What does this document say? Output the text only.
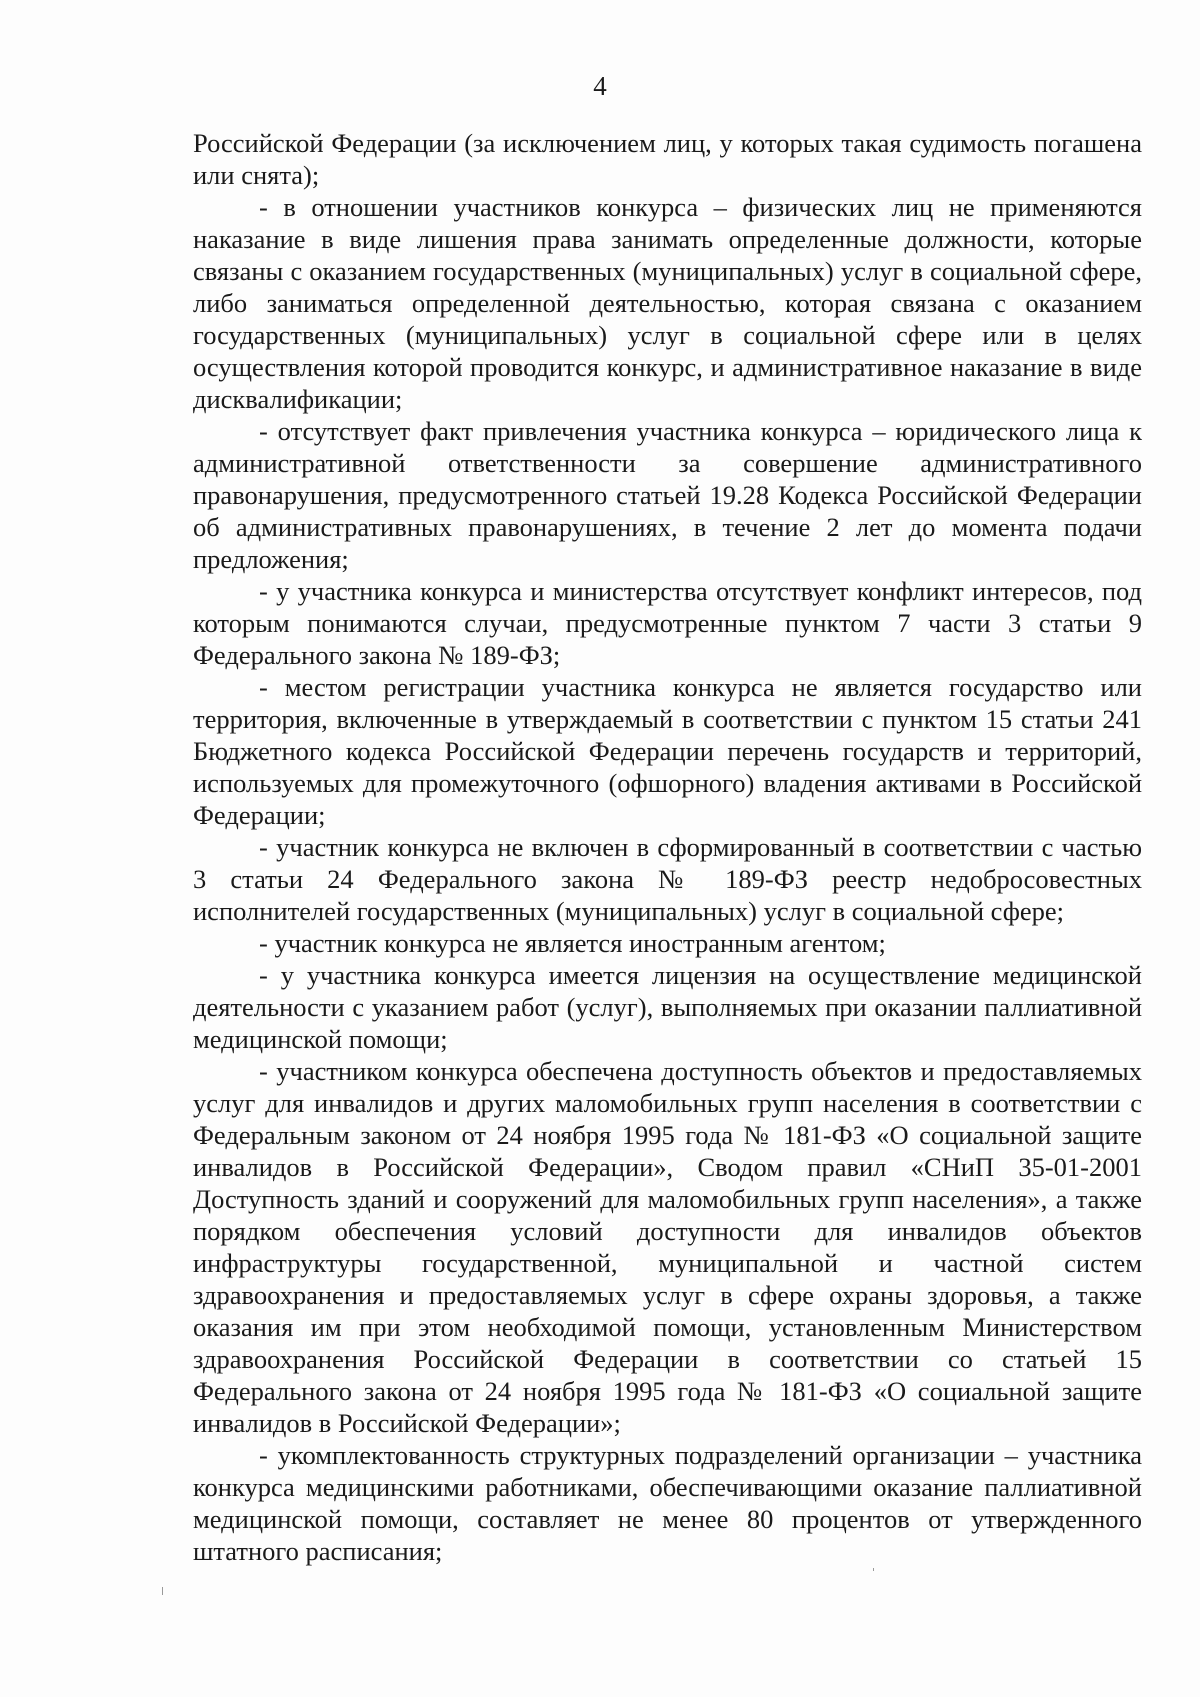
4

Российской Федерации (за исключением лиц, у которых такая судимость погашена или снята);

- в отношении участников конкурса – физических лиц не применяются наказание в виде лишения права занимать определенные должности, которые связаны с оказанием государственных (муниципальных) услуг в социальной сфере, либо заниматься определенной деятельностью, которая связана с оказанием государственных (муниципальных) услуг в социальной сфере или в целях осуществления которой проводится конкурс, и административное наказание в виде дисквалификации;

- отсутствует факт привлечения участника конкурса – юридического лица к административной ответственности за совершение административного правонарушения, предусмотренного статьей 19.28 Кодекса Российской Федерации об административных правонарушениях, в течение 2 лет до момента подачи предложения;

- у участника конкурса и министерства отсутствует конфликт интересов, под которым понимаются случаи, предусмотренные пунктом 7 части 3 статьи 9 Федерального закона № 189-ФЗ;

- местом регистрации участника конкурса не является государство или территория, включенные в утверждаемый в соответствии с пунктом 15 статьи 241 Бюджетного кодекса Российской Федерации перечень государств и территорий, используемых для промежуточного (офшорного) владения активами в Российской Федерации;

- участник конкурса не включен в сформированный в соответствии с частью 3 статьи 24 Федерального закона № 189-ФЗ реестр недобросовестных исполнителей государственных (муниципальных) услуг в социальной сфере;

- участник конкурса не является иностранным агентом;

- у участника конкурса имеется лицензия на осуществление медицинской деятельности с указанием работ (услуг), выполняемых при оказании паллиативной медицинской помощи;

- участником конкурса обеспечена доступность объектов и предоставляемых услуг для инвалидов и других маломобильных групп населения в соответствии с Федеральным законом от 24 ноября 1995 года № 181-ФЗ «О социальной защите инвалидов в Российской Федерации», Сводом правил «СНиП 35-01-2001 Доступность зданий и сооружений для маломобильных групп населения», а также порядком обеспечения условий доступности для инвалидов объектов инфраструктуры государственной, муниципальной и частной систем здравоохранения и предоставляемых услуг в сфере охраны здоровья, а также оказания им при этом необходимой помощи, установленным Министерством здравоохранения Российской Федерации в соответствии со статьей 15 Федерального закона от 24 ноября 1995 года № 181-ФЗ «О социальной защите инвалидов в Российской Федерации»;

- укомплектованность структурных подразделений организации – участника конкурса медицинскими работниками, обеспечивающими оказание паллиативной медицинской помощи, составляет не менее 80 процентов от утвержденного штатного расписания;
